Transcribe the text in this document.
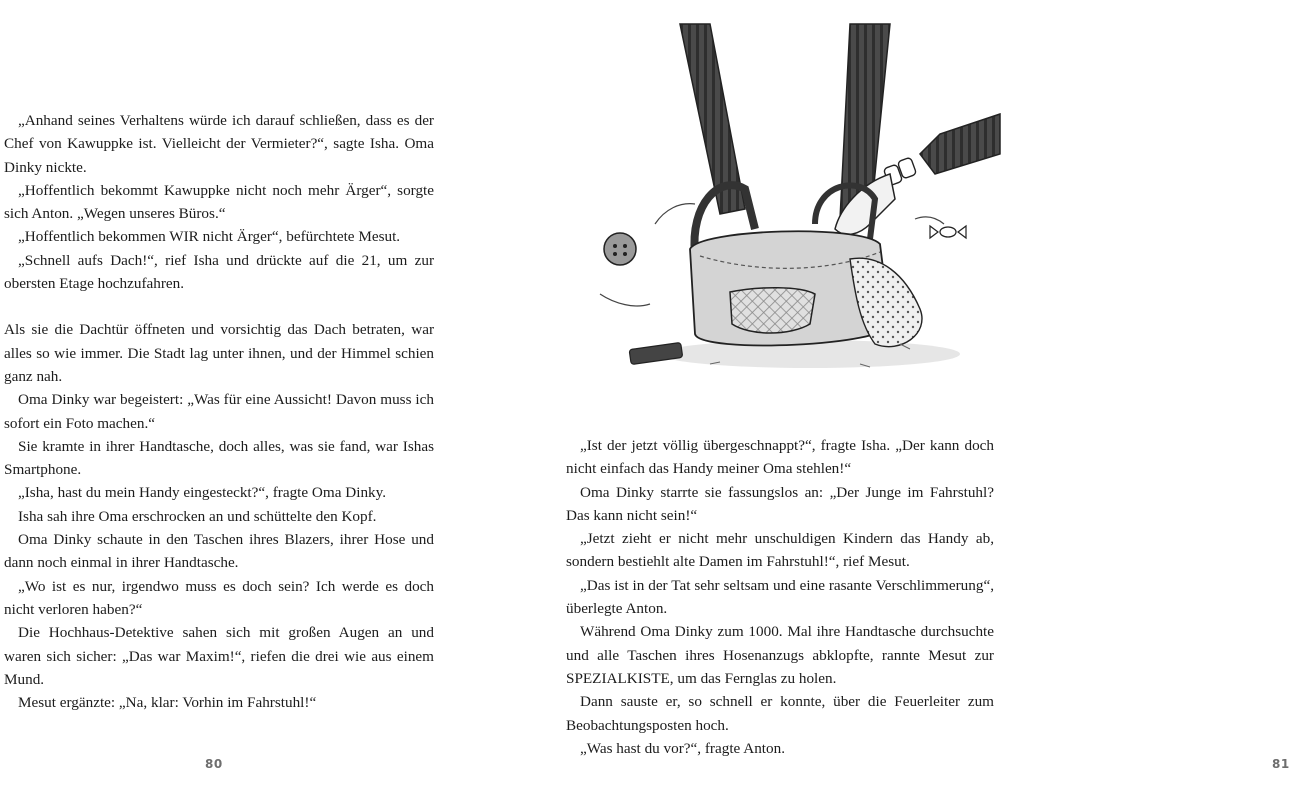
„Anhand seines Verhaltens würde ich darauf schließen, dass es der Chef von Kawuppke ist. Vielleicht der Vermieter?“, sagte Isha. Oma Dinky nickte.

„Hoffentlich bekommt Kawuppke nicht noch mehr Ärger“, sorgte sich Anton. „Wegen unseres Büros.“

„Hoffentlich bekommen WIR nicht Ärger“, befürchtete Mesut.

„Schnell aufs Dach!“, rief Isha und drückte auf die 21, um zur obersten Etage hochzufahren.

Als sie die Dachtür öffneten und vorsichtig das Dach betraten, war alles so wie immer. Die Stadt lag unter ihnen, und der Himmel schien ganz nah.

Oma Dinky war begeistert: „Was für eine Aussicht! Davon muss ich sofort ein Foto machen.“

Sie kramte in ihrer Handtasche, doch alles, was sie fand, war Ishas Smartphone.

„Isha, hast du mein Handy eingesteckt?“, fragte Oma Dinky.

Isha sah ihre Oma erschrocken an und schüttelte den Kopf.

Oma Dinky schaute in den Taschen ihres Blazers, ihrer Hose und dann noch einmal in ihrer Handtasche.

„Wo ist es nur, irgendwo muss es doch sein? Ich werde es doch nicht verloren haben?“

Die Hochhaus-Detektive sahen sich mit großen Augen an und waren sich sicher: „Das war Maxim!“, riefen die drei wie aus einem Mund.

Mesut ergänzte: „Na, klar: Vorhin im Fahrstuhl!“

80	81

„Ist der jetzt völlig übergeschnappt?“, fragte Isha. „Der kann doch nicht einfach das Handy meiner Oma stehlen!“

Oma Dinky starrte sie fassungslos an: „Der Junge im Fahrstuhl? Das kann nicht sein!“

„Jetzt zieht er nicht mehr unschuldigen Kindern das Handy ab, sondern bestiehlt alte Damen im Fahrstuhl!“, rief Mesut.

„Das ist in der Tat sehr seltsam und eine rasante Verschlimmerung“, überlegte Anton.

Während Oma Dinky zum 1000. Mal ihre Handtasche durchsuchte und alle Taschen ihres Hosenanzugs abklopfte, rannte Mesut zur SPEZIALKISTE, um das Fernglas zu holen.

Dann sauste er, so schnell er konnte, über die Feuerleiter zum Beobachtungsposten hoch.

„Was hast du vor?“, fragte Anton.
